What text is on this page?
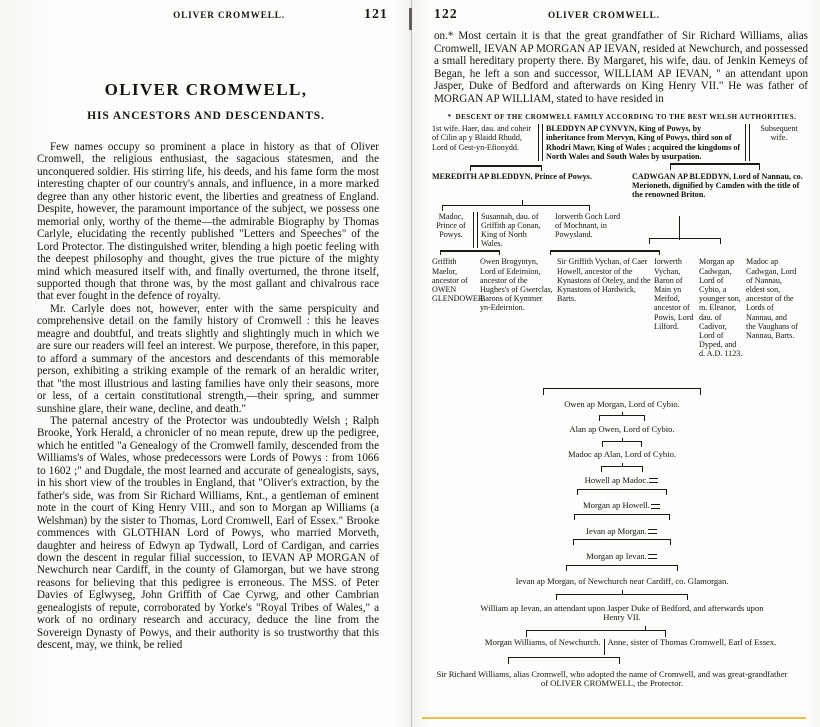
OLIVER CROMWELL.	121
OLIVER CROMWELL,
HIS ANCESTORS AND DESCENDANTS.

Few names occupy so prominent a place in history as that of Oliver Cromwell, the religious enthusiast, the sagacious statesmen, and the unconquered soldier. His stirring life, his deeds, and his fame form the most interesting chapter of our country's annals, and influence, in a more marked degree than any other historic event, the liberties and greatness of England. Despite, however, the paramount importance of the subject, we possess one memorial only, worthy of the theme—the admirable Biography by Thomas Carlyle, elucidating the recently published "Letters and Speeches" of the Lord Protector. The distinguished writer, blending a high poetic feeling with the deepest philosophy and thought, gives the true picture of the mighty mind which measured itself with, and finally overturned, the throne itself, supported though that throne was, by the most gallant and chivalrous race that ever fought in the defence of royalty.

Mr. Carlyle does not, however, enter with the same perspicuity and comprehensive detail on the family history of Cromwell : this he leaves meagre and doubtful, and treats slightly and slightingly much in which we are sure our readers will feel an interest. We purpose, therefore, in this paper, to afford a summary of the ancestors and descendants of this memorable person, exhibiting a striking example of the remark of an heraldic writer, that "the most illustrious and lasting families have only their seasons, more or less, of a certain constitutional strength,—their spring, and summer sunshine glare, their wane, decline, and death."

The paternal ancestry of the Protector was undoubtedly Welsh ; Ralph Brooke, York Herald, a chronicler of no mean repute, drew up the pedigree, which he entitled "a Genealogy of the Cromwell family, descended from the Williams's of Wales, whose predecessors were Lords of Powys : from 1066 to 1602 ;" and Dugdale, the most learned and accurate of genealogists, says, in his short view of the troubles in England, that "Oliver's extraction, by the father's side, was from Sir Richard Williams, Knt., a gentleman of eminent note in the court of King Henry VIII., and son to Morgan ap Williams (a Welshman) by the sister to Thomas, Lord Cromwell, Earl of Essex." Brooke commences with GLOTHIAN Lord of Powys, who married Morveth, daughter and heiress of Edwyn ap Tydwall, Lord of Cardigan, and carries down the descent in regular filial succession, to IEVAN AP MORGAN of Newchurch near Cardiff, in the county of Glamorgan, but we have strong reasons for believing that this pedigree is erroneous. The MSS. of Peter Davies of Eglwyseg, John Griffith of Cae Cyrwg, and other Cambrian genealogists of repute, corroborated by Yorke's "Royal Tribes of Wales," a work of no ordinary research and accuracy, deduce the line from the Sovereign Dynasty of Powys, and their authority is so trustworthy that this descent, may, we think, be relied

122	OLIVER CROMWELL.

on.* Most certain it is that the great grandfather of Sir Richard Williams, alias Cromwell, IEVAN AP MORGAN AP IEVAN, resided at Newchurch, and possessed a small hereditary property there. By Margaret, his wife, dau. of Jenkin Kemeys of Began, he left a son and successor, WILLIAM AP IEVAN, " an attendant upon Jasper, Duke of Bedford and afterwards on King Henry VII." He was father of MORGAN AP WILLIAM, stated to have resided in

* DESCENT OF THE CROMWELL FAMILY ACCORDING TO THE BEST WELSH AUTHORITIES.
1st wife. Haer, dau. and coheir of Cilin ap y Blaidd Rhudd, Lord of Gest-yn-Efionydd.
BLEDDYN AP CYNVYN, King of Powys, by inheritance from Mervyn, King of Powys, third son of Rhodri Mawr, King of Wales ; acquired the kingdoms of North Wales and South Wales by usurpation.
Subsequent wife.
MEREDITH AP BLEDDYN, Prince of Powys.	CADWGAN AP BLEDDYN, Lord of Nannau, co. Merioneth, dignified by Camden with the title of the renowned Briton.
Madoc, Prince of Powys.
Susannah, dau. of Griffith ap Conan, King of North Wales.
Iorwerth Goch Lord of Mochnant, in Powysland.
Griffith Maelor, ancestor of OWEN GLENDOWER.
Owen Brogyntyn, Lord of Edeirnion, ancestor of the Hughes's of Gwerclas, Barons of Kymmer yn-Edeirnion.
Sir Griffith Vychan, of Caer Howell, ancestor of the Kynastons of Oteley, and the Kynastons of Hardwick, Barts.
Iorwerth Vychan, Baron of Main yn Meifod, ancestor of Powis, Lord Lilford.
Morgan ap Cadwgan, Lord of Cybio, a younger son, m. Eleanor, dau. of Cadivor, Lord of Dyped, and d. A.D. 1123.
Madoc ap Cadwgan, Lord of Nannau, eldest son, ancestor of the Lords of Nannau, and the Vaughans of Nannau, Barts.
Owen ap Morgan, Lord of Cybio.
Alan ap Owen, Lord of Cybio.
Madoc ap Alan, Lord of Cybio.
Howell ap Madoc.
Morgan ap Howell.
Ievan ap Morgan.
Morgan ap Ievan.
Ievan ap Morgan, of Newchurch near Cardiff, co. Glamorgan.
William ap Ievan, an attendant upon Jasper Duke of Bedford, and afterwards upon Henry VII.
Morgan Williams, of Newchurch. Anne, sister of Thomas Cromwell, Earl of Essex.
Sir Richard Williams, alias Cromwell, who adopted the name of Cromwell, and was great-grandfather of OLIVER CROMWELL, the Protector.
